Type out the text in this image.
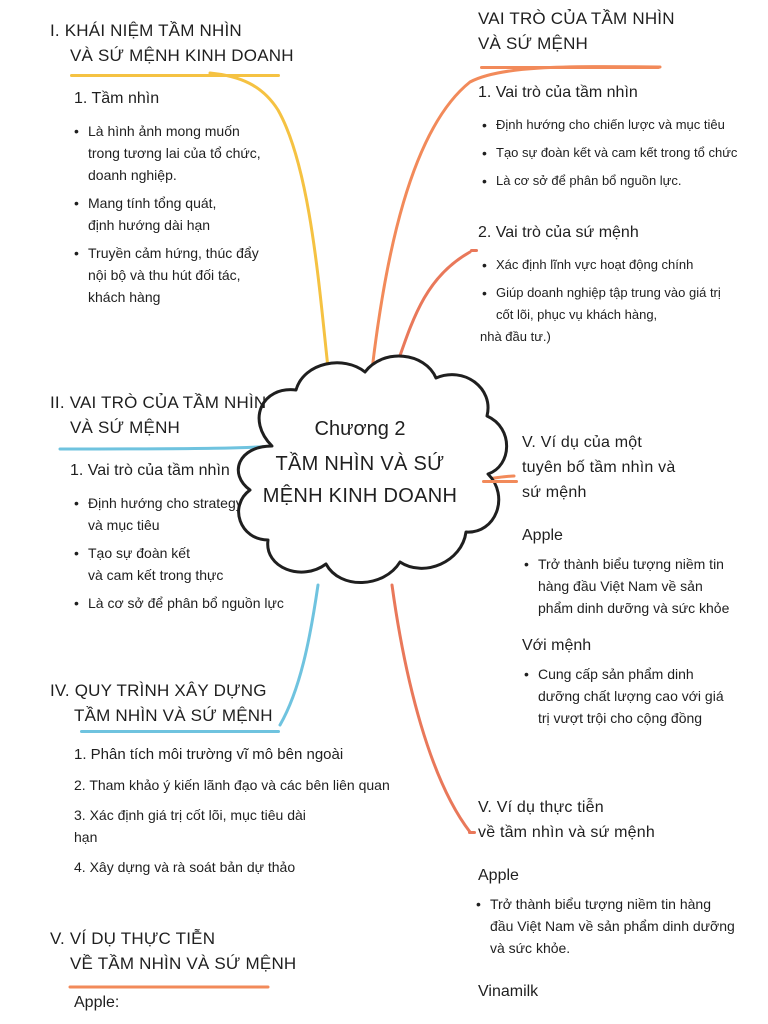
Chương 2
TẦM NHÌN VÀ SỨ
MỆNH KINH DOANH
I. KHÁI NIỆM TẦM NHÌN
VÀ SỨ MỆNH KINH DOANH
1. Tầm nhìn
• Là hình ảnh mong muốn
trong tương lai của tổ chức,
doanh nghiệp.
• Mang tính tổng quát,
định hướng dài hạn
• Truyền cảm hứng, thúc đẩy
nội bộ và thu hút đối tác,
khách hàng
II. VAI TRÒ CỦA TẦM NHÌN
VÀ SỨ MỆNH
1. Vai trò của tầm nhìn
• Định hướng cho strategy
và mục tiêu
• Tạo sự đoàn kết
và cam kết trong thực
• Là cơ sở để phân bổ nguồn lực
IV. QUY TRÌNH XÂY DỰNG
TẦM NHÌN VÀ SỨ MỆNH
1. Phân tích môi trường vĩ mô bên ngoài
2. Tham khảo ý kiến lãnh đạo và các bên liên quan
3. Xác định giá trị cốt lõi, mục tiêu dài
hạn
4. Xây dựng và rà soát bản dự thảo
V. VÍ DỤ THỰC TIỄN
VỀ TẦM NHÌN VÀ SỨ MỆNH
Apple:
VAI TRÒ CỦA TẦM NHÌN
VÀ SỨ MỆNH
1. Vai trò của tầm nhìn
• Định hướng cho chiến lược và mục tiêu
• Tạo sự đoàn kết và cam kết trong tổ chức
• Là cơ sở để phân bổ nguồn lực.
2. Vai trò của sứ mệnh
• Xác định lĩnh vực hoạt động chính
• Giúp doanh nghiệp tập trung vào giá trị
cốt lõi, phục vụ khách hàng,
nhà đầu tư.)
V. Ví dụ của một
tuyên bố tầm nhìn và
sứ mệnh
Apple
• Trở thành biểu tượng niềm tin
hàng đầu Việt Nam về sản
phẩm dinh dưỡng và sức khỏe
Với mệnh
• Cung cấp sản phẩm dinh
dưỡng chất lượng cao với giá
trị vượt trội cho cộng đồng
V. Ví dụ thực tiễn
về tầm nhìn và sứ mệnh
Apple
• Trở thành biểu tượng niềm tin hàng
đầu Việt Nam về sản phẩm dinh dưỡng
và sức khỏe.
Vinamilk
